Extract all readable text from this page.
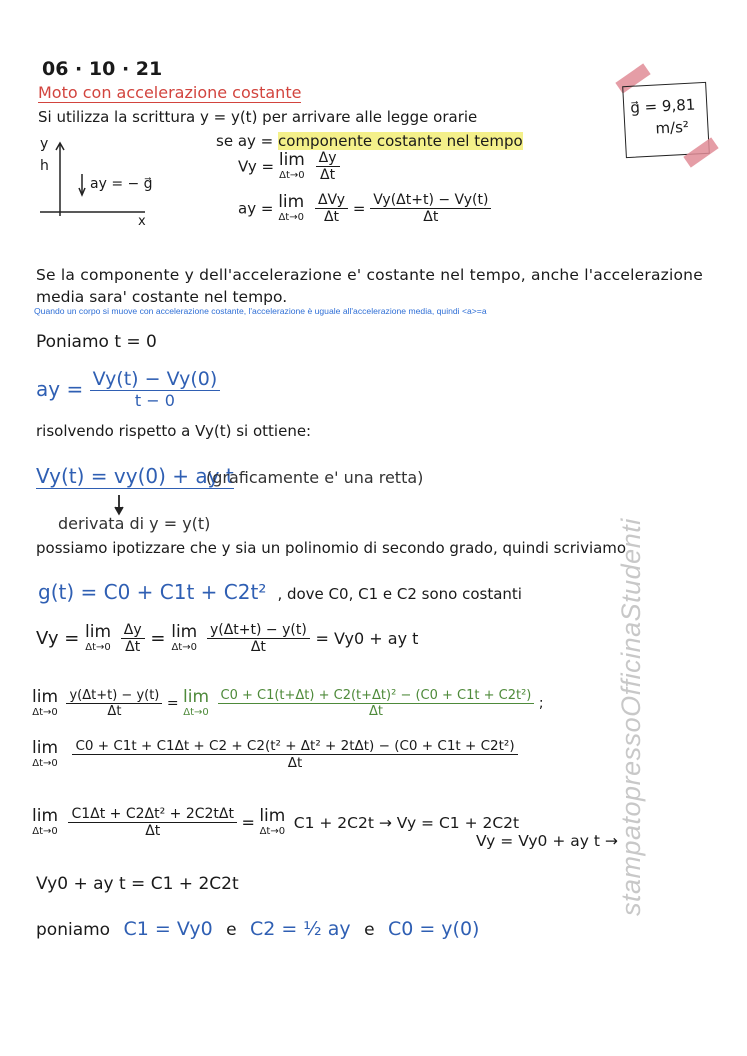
06 · 10 · 21
Moto con accelerazione costante
Si utilizza la scrittura y = y(t) per arrivare alle legge orarie
y
h
x
ay = − g⃗
se ay = componente costante nel tempo
Vy = lim
Δt→0
$\frac{\Delta y}{\Delta t}$
ay = lim
Δt→0
$\frac{\text{ΔVy}}{\Delta t} = \frac{Vy(\Delta t+t) - Vy(t)}{\Delta t}$
g⃗ = 9,81
m/s²
Se la componente y dell'accelerazione e' costante nel tempo, anche l'accelerazione
media sara' costante nel tempo.
Quando un corpo si muove con accelerazione costante, l'accelerazione è uguale all'accelerazione media, quindi <a>=a
Poniamo t = 0
ay = $\frac{Vy(t) - Vy(0)}{t - 0}$
risolvendo rispetto a Vy(t) si ottiene:
Vy(t) = vy(0) + ay t
(graficamente e' una retta)
derivata di y = y(t)
possiamo ipotizzare che y sia un polinomio di secondo grado, quindi scriviamo
g(t) = C0 + C1t + C2t² , dove C0, C1 e C2 sono costanti
Vy = lim
Δt→0
$\frac{\Delta y}{\Delta t} = \lim$
Δt→0
$\frac{y(\Delta t+t) - y(t)}{\Delta t} = Vy0$ + ay t
lim
Δt→0
$\frac{y(\Delta t+t) - y(t)}{\Delta t} = \lim$
Δt→0
$\frac{\text{C0 + C1(t+Δt) + C2(t+Δt)² − (C0 + C1t + C2t²)}}{\Delta t}$ ;
lim
Δt→0

C0 + C1t + C1Δt + C2 + C2(t² + Δt² + 2tΔt) − (C0 + C1t + C2t²)
Δt
lim
Δt→0
$\frac{\text{C1Δt + C2Δt² + 2C2tΔt}}{\Delta t} = \lim$
Δt→0 C1 + 2C2t → Vy = C1 + 2C2t
Vy = Vy0 + ay t →
Vy0 + ay t = C1 + 2C2t
poniamo C1 = Vy0 e C2 = ½ ay e C0 = y(0)
stampatopressoOfficinaStudenti
